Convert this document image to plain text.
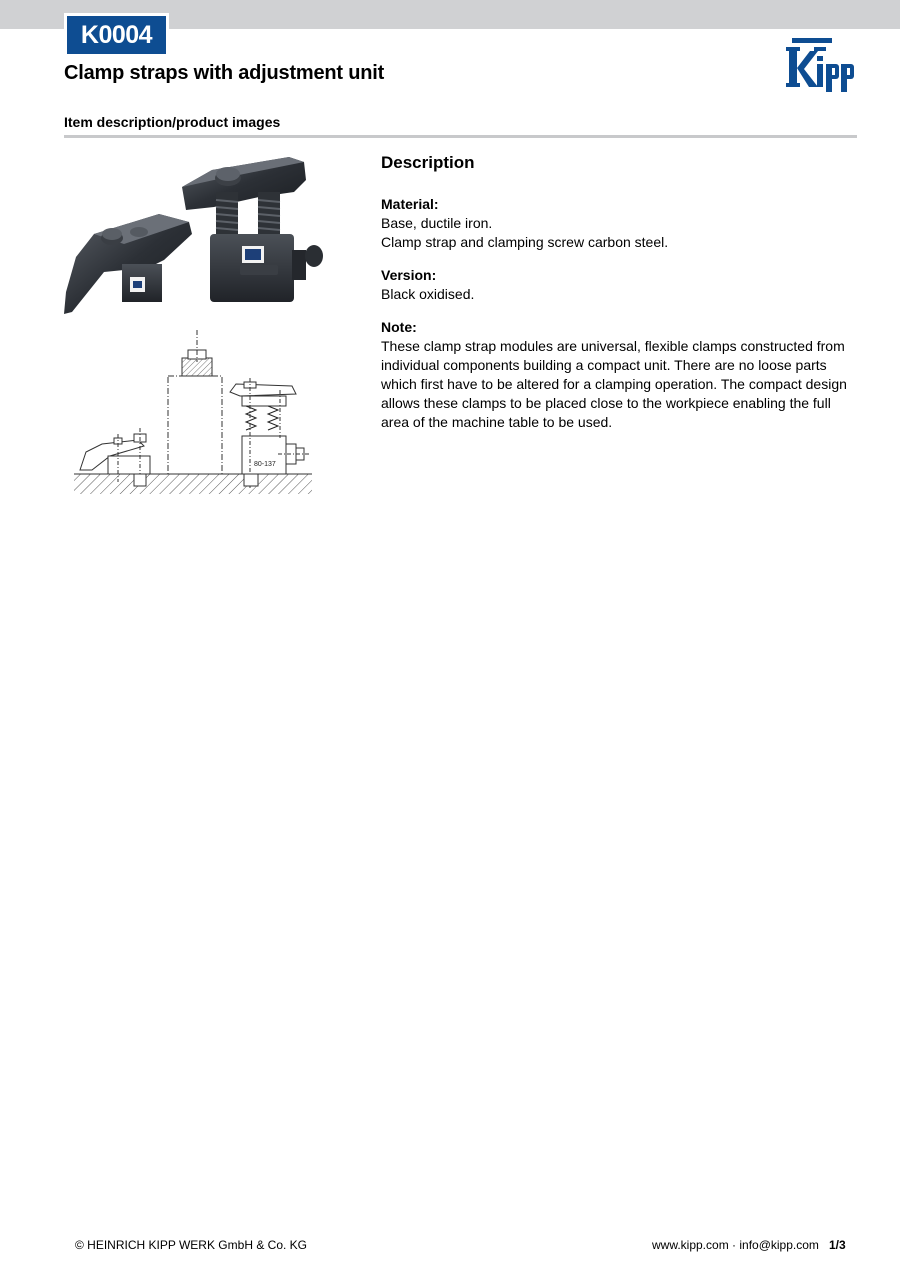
K0004
Clamp straps with adjustment unit
Item description/product images
80-137
Description
Material:
Base, ductile iron.
Clamp strap and clamping screw carbon steel.
Version:
Black oxidised.
Note:
These clamp strap modules are universal, flexible clamps constructed from individual components building a compact unit. There are no loose parts which first have to be altered for a clamping operation. The compact design allows these clamps to be placed close to the workpiece enabling the full area of the machine table to be used.
© HEINRICH KIPP WERK GmbH & Co. KG	www.kipp.com · info@kipp.com 1/3
